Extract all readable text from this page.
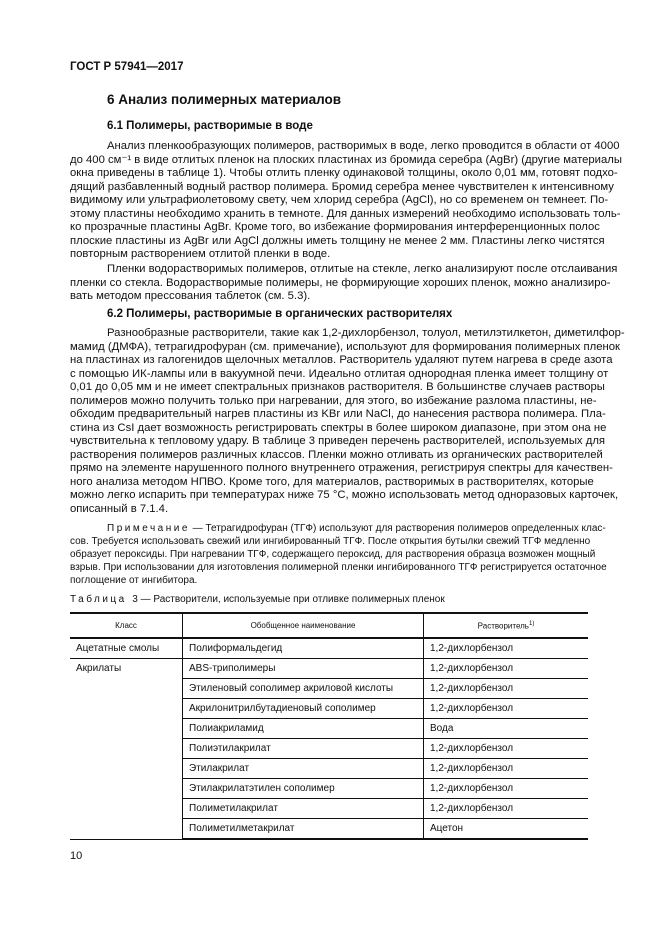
ГОСТ Р 57941—2017
6 Анализ полимерных материалов
6.1 Полимеры, растворимые в воде
Анализ пленкообразующих полимеров, растворимых в воде, легко проводится в области от 4000
до 400 см⁻¹ в виде отлитых пленок на плоских пластинах из бромида серебра (AgBr) (другие материалы
окна приведены в таблице 1). Чтобы отлить пленку одинаковой толщины, около 0,01 мм, готовят подхо-
дящий разбавленный водный раствор полимера. Бромид серебра менее чувствителен к интенсивному
видимому или ультрафиолетовому свету, чем хлорид серебра (AgCl), но со временем он темнеет. По-
этому пластины необходимо хранить в темноте. Для данных измерений необходимо использовать толь-
ко прозрачные пластины AgBr. Кроме того, во избежание формирования интерференционных полос
плоские пластины из AgBr или AgCl должны иметь толщину не менее 2 мм. Пластины легко чистятся
повторным растворением отлитой пленки в воде.
Пленки водорастворимых полимеров, отлитые на стекле, легко анализируют после отслаивания
пленки со стекла. Водорастворимые полимеры, не формирующие хороших пленок, можно анализиро-
вать методом прессования таблеток (см. 5.3).
6.2 Полимеры, растворимые в органических растворителях
Разнообразные растворители, такие как 1,2-дихлорбензол, толуол, метилэтилкетон, диметилфор-
мамид (ДМФА), тетрагидрофуран (см. примечание), используют для формирования полимерных пленок
на пластинах из галогенидов щелочных металлов. Растворитель удаляют путем нагрева в среде азота
с помощью ИК-лампы или в вакуумной печи. Идеально отлитая однородная пленка имеет толщину от
0,01 до 0,05 мм и не имеет спектральных признаков растворителя. В большинстве случаев растворы
полимеров можно получить только при нагревании, для этого, во избежание разлома пластины, не-
обходим предварительный нагрев пластины из KBr или NaCl, до нанесения раствора полимера. Пла-
стина из CsI дает возможность регистрировать спектры в более широком диапазоне, при этом она не
чувствительна к тепловому удару. В таблице 3 приведен перечень растворителей, используемых для
растворения полимеров различных классов. Пленки можно отливать из органических растворителей
прямо на элементе нарушенного полного внутреннего отражения, регистрируя спектры для качествен-
ного анализа методом НПВО. Кроме того, для материалов, растворимых в растворителях, которые
можно легко испарить при температурах ниже 75 °С, можно использовать метод одноразовых карточек,
описанный в 7.1.4.
Примечание — Тетрагидрофуран (ТГФ) используют для растворения полимеров определенных клас-
сов. Требуется использовать свежий или ингибированный ТГФ. После открытия бутылки свежий ТГФ медленно
образует пероксиды. При нагревании ТГФ, содержащего пероксид, для растворения образца возможен мощный
взрыв. При использовании для изготовления полимерной пленки ингибированного ТГФ регистрируется остаточное
поглощение от ингибитора.
Таблица 3 — Растворители, используемые при отливке полимерных пленок
Класс	Обобщенное наименование	Растворитель$^{1)}$
Ацетатные смолы	Полиформальдегид	1,2-дихлорбензол
Акрилаты	ABS-триполимеры	1,2-дихлорбензол
	Этиленовый сополимер акриловой кислоты	1,2-дихлорбензол
	Акрилонитрилбутадиеновый сополимер	1,2-дихлорбензол
	Полиакриламид	Вода
	Полиэтилакрилат	1,2-дихлорбензол
	Этилакрилат	1,2-дихлорбензол
	Этилакрилатэтилен сополимер	1,2-дихлорбензол
	Полиметилакрилат	1,2-дихлорбензол
	Полиметилметакрилат	Ацетон
10
